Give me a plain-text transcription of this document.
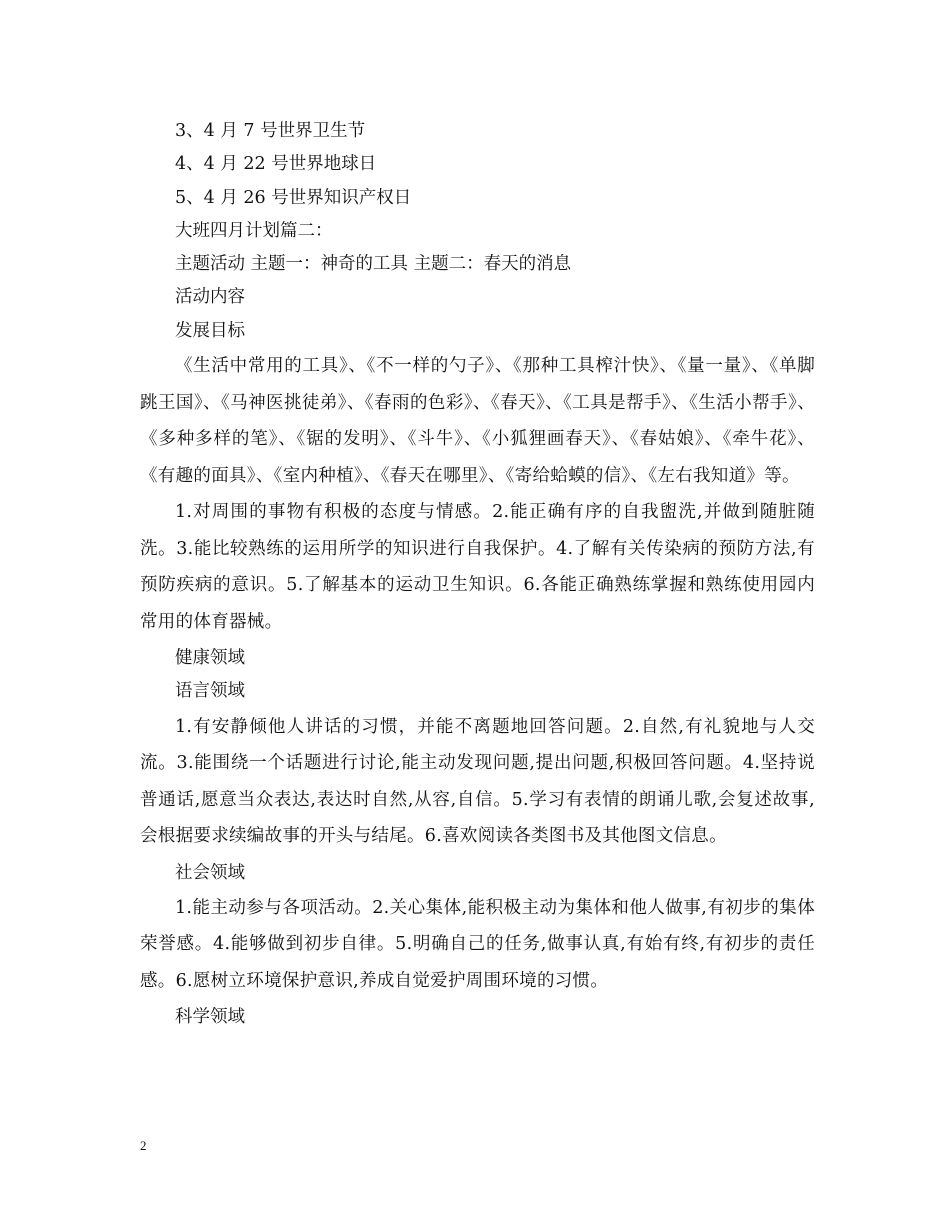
3、4 月 7 号世界卫生节

4、4 月 22 号世界地球日

5、4 月 26 号世界知识产权日

大班四月计划篇二：

主题活动 主题一：神奇的工具 主题二：春天的消息

活动内容

发展目标

《生活中常用的工具》、《不一样的勺子》、《那种工具榨汁快》、《量一量》、《单脚跳王国》、《马神医挑徒弟》、《春雨的色彩》、《春天》、《工具是帮手》、《生活小帮手》、《多种多样的笔》、《锯的发明》、《斗牛》、《小狐狸画春天》、《春姑娘》、《牵牛花》、《有趣的面具》、《室内种植》、《春天在哪里》、《寄给蛤蟆的信》、《左右我知道》等。

1.对周围的事物有积极的态度与情感。2.能正确有序的自我盥洗,并做到随脏随洗。3.能比较熟练的运用所学的知识进行自我保护。4.了解有关传染病的预防方法,有预防疾病的意识。5.了解基本的运动卫生知识。6.各能正确熟练掌握和熟练使用园内常用的体育器械。

健康领域

语言领域

1.有安静倾他人讲话的习惯，并能不离题地回答问题。2.自然,有礼貌地与人交流。3.能围绕一个话题进行讨论,能主动发现问题,提出问题,积极回答问题。4.坚持说普通话,愿意当众表达,表达时自然,从容,自信。5.学习有表情的朗诵儿歌,会复述故事,会根据要求续编故事的开头与结尾。6.喜欢阅读各类图书及其他图文信息。

社会领域

1.能主动参与各项活动。2.关心集体,能积极主动为集体和他人做事,有初步的集体荣誉感。4.能够做到初步自律。5.明确自己的任务,做事认真,有始有终,有初步的责任感。6.愿树立环境保护意识,养成自觉爱护周围环境的习惯。

科学领域

2
